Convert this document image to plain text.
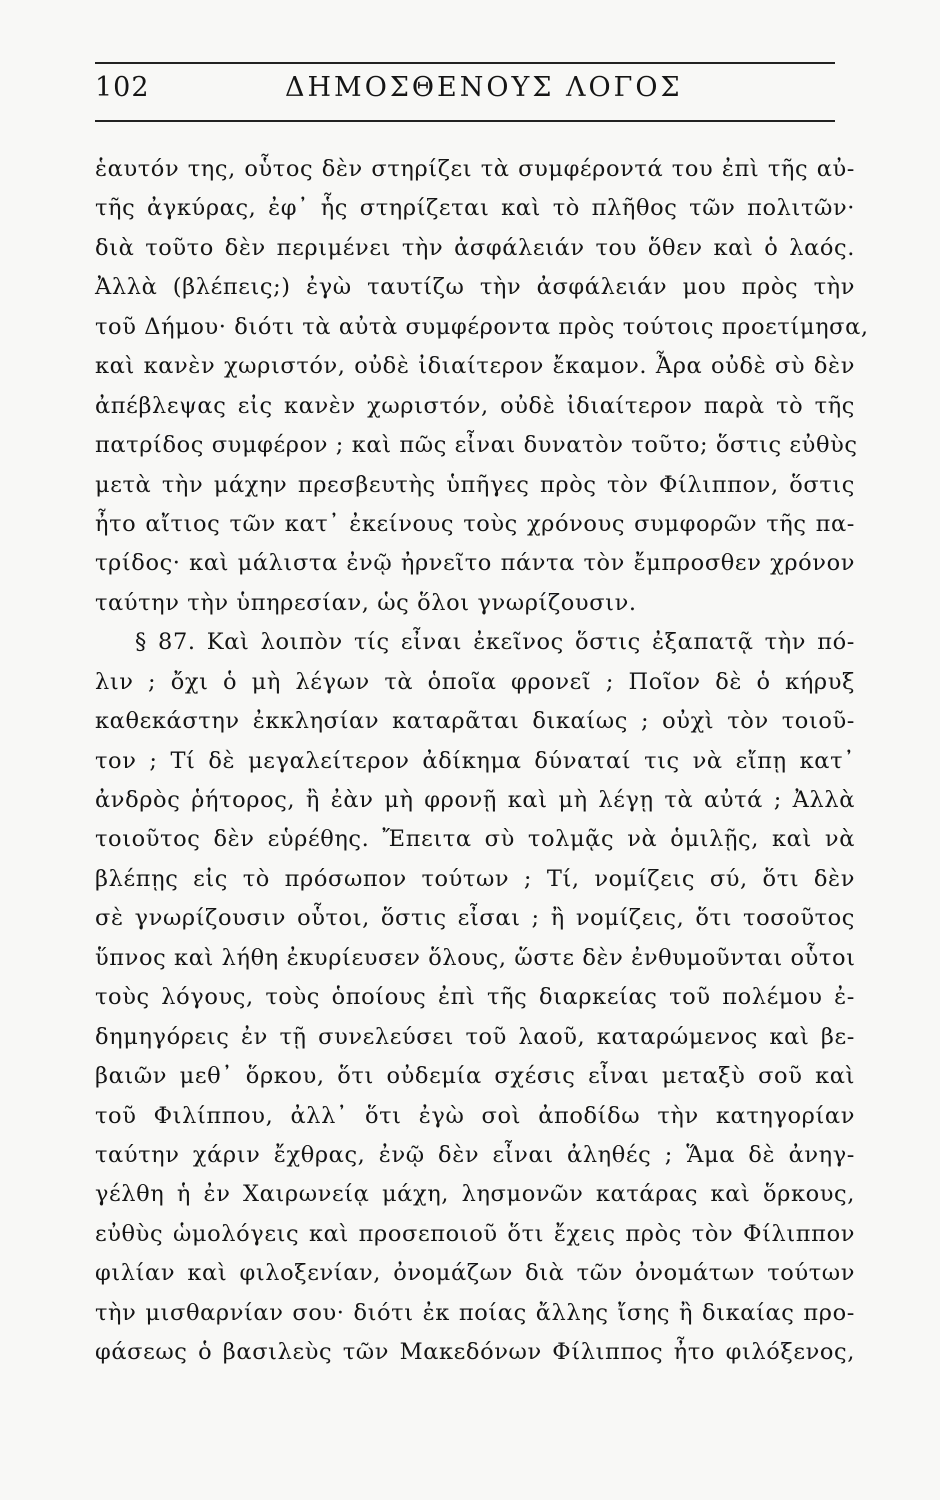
102	ΔΗΜΟΣΘΕΝΟΥΣ ΛΟΓΟΣ
ἑαυτόν της, οὗτος δὲν στηρίζει τὰ συμφέροντά του ἐπὶ τῆς αὐ-
τῆς ἀγκύρας, ἐφ᾽ ἧς στηρίζεται καὶ τὸ πλῆθος τῶν πολιτῶν·
διὰ τοῦτο δὲν περιμένει τὴν ἀσφάλειάν του ὅθεν καὶ ὁ λαός.
Ἀλλὰ (βλέπεις;) ἐγὼ ταυτίζω τὴν ἀσφάλειάν μου πρὸς τὴν
τοῦ Δήμου· διότι τὰ αὐτὰ συμφέροντα πρὸς τούτοις προετίμησα,
καὶ κανὲν χωριστόν, οὐδὲ ἰδιαίτερον ἔκαμον. Ἆρα οὐδὲ σὺ δὲν
ἀπέβλεψας εἰς κανὲν χωριστόν, οὐδὲ ἰδιαίτερον παρὰ τὸ τῆς
πατρίδος συμφέρον ; καὶ πῶς εἶναι δυνατὸν τοῦτο; ὅστις εὐθὺς
μετὰ τὴν μάχην πρεσβευτὴς ὑπῆγες πρὸς τὸν Φίλιππον, ὅστις
ἦτο αἴτιος τῶν κατ᾽ ἐκείνους τοὺς χρόνους συμφορῶν τῆς πα-
τρίδος· καὶ μάλιστα ἐνῷ ἠρνεῖτο πάντα τὸν ἔμπροσθεν χρόνον
ταύτην τὴν ὑπηρεσίαν, ὡς ὅλοι γνωρίζουσιν.
§ 87. Καὶ λοιπὸν τίς εἶναι ἐκεῖνος ὅστις ἐξαπατᾷ τὴν πό-
λιν ; ὄχι ὁ μὴ λέγων τὰ ὁποῖα φρονεῖ ; Ποῖον δὲ ὁ κήρυξ
καθεκάστην ἐκκλησίαν καταρᾶται δικαίως ; οὐχὶ τὸν τοιοῦ-
τον ; Τί δὲ μεγαλείτερον ἀδίκημα δύναταί τις νὰ εἴπῃ κατ᾽
ἀνδρὸς ῥήτορος, ἢ ἐὰν μὴ φρονῇ καὶ μὴ λέγῃ τὰ αὐτά ; Ἀλλὰ
τοιοῦτος δὲν εὑρέθης. Ἔπειτα σὺ τολμᾷς νὰ ὁμιλῇς, καὶ νὰ
βλέπῃς εἰς τὸ πρόσωπον τούτων ; Τί, νομίζεις σύ, ὅτι δὲν
σὲ γνωρίζουσιν οὗτοι, ὅστις εἶσαι ; ἢ νομίζεις, ὅτι τοσοῦτος
ὕπνος καὶ λήθη ἐκυρίευσεν ὅλους, ὥστε δὲν ἐνθυμοῦνται οὗτοι
τοὺς λόγους, τοὺς ὁποίους ἐπὶ τῆς διαρκείας τοῦ πολέμου ἐ-
δημηγόρεις ἐν τῇ συνελεύσει τοῦ λαοῦ, καταρώμενος καὶ βε-
βαιῶν μεθ᾽ ὅρκου, ὅτι οὐδεμία σχέσις εἶναι μεταξὺ σοῦ καὶ
τοῦ Φιλίππου, ἀλλ᾽ ὅτι ἐγὼ σοὶ ἀποδίδω τὴν κατηγορίαν
ταύτην χάριν ἔχθρας, ἐνῷ δὲν εἶναι ἀληθές ; Ἅμα δὲ ἀνηγ-
γέλθη ἡ ἐν Χαιρωνείᾳ μάχη, λησμονῶν κατάρας καὶ ὅρκους,
εὐθὺς ὡμολόγεις καὶ προσεποιοῦ ὅτι ἔχεις πρὸς τὸν Φίλιππον
φιλίαν καὶ φιλοξενίαν, ὀνομάζων διὰ τῶν ὀνομάτων τούτων
τὴν μισθαρνίαν σου· διότι ἐκ ποίας ἄλλης ἴσης ἢ δικαίας προ-
φάσεως ὁ βασιλεὺς τῶν Μακεδόνων Φίλιππος ἦτο φιλόξενος,
